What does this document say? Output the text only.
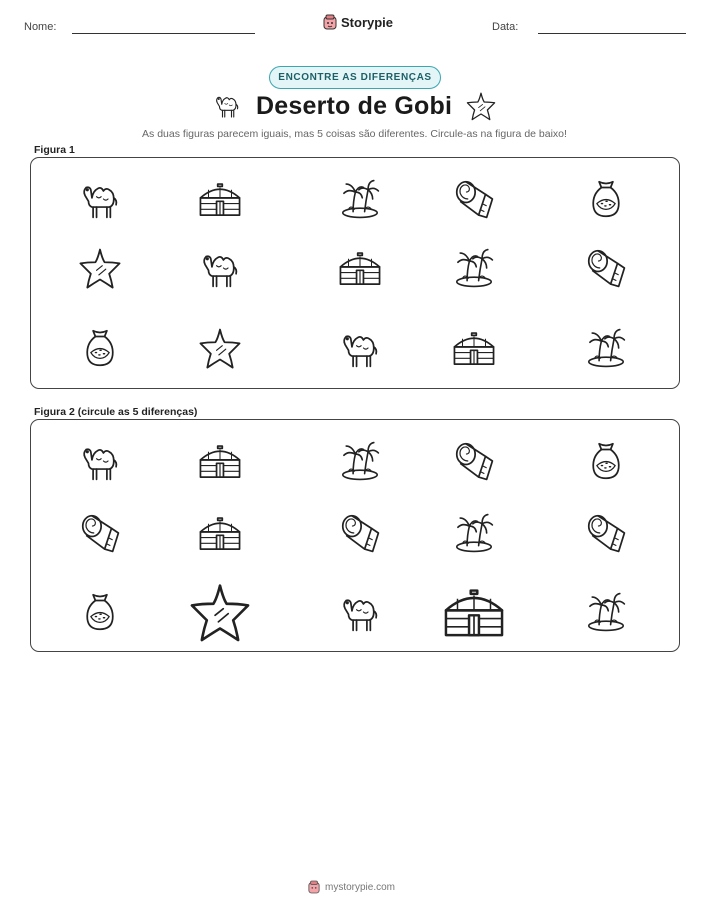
Nome:	Storypie	Data:
ENCONTRE AS DIFERENÇAS
Deserto de Gobi
As duas figuras parecem iguais, mas 5 coisas são diferentes. Circule-as na figura de baixo!
Figura 1
Figura 2 (circule as 5 diferenças)
mystorypie.com
